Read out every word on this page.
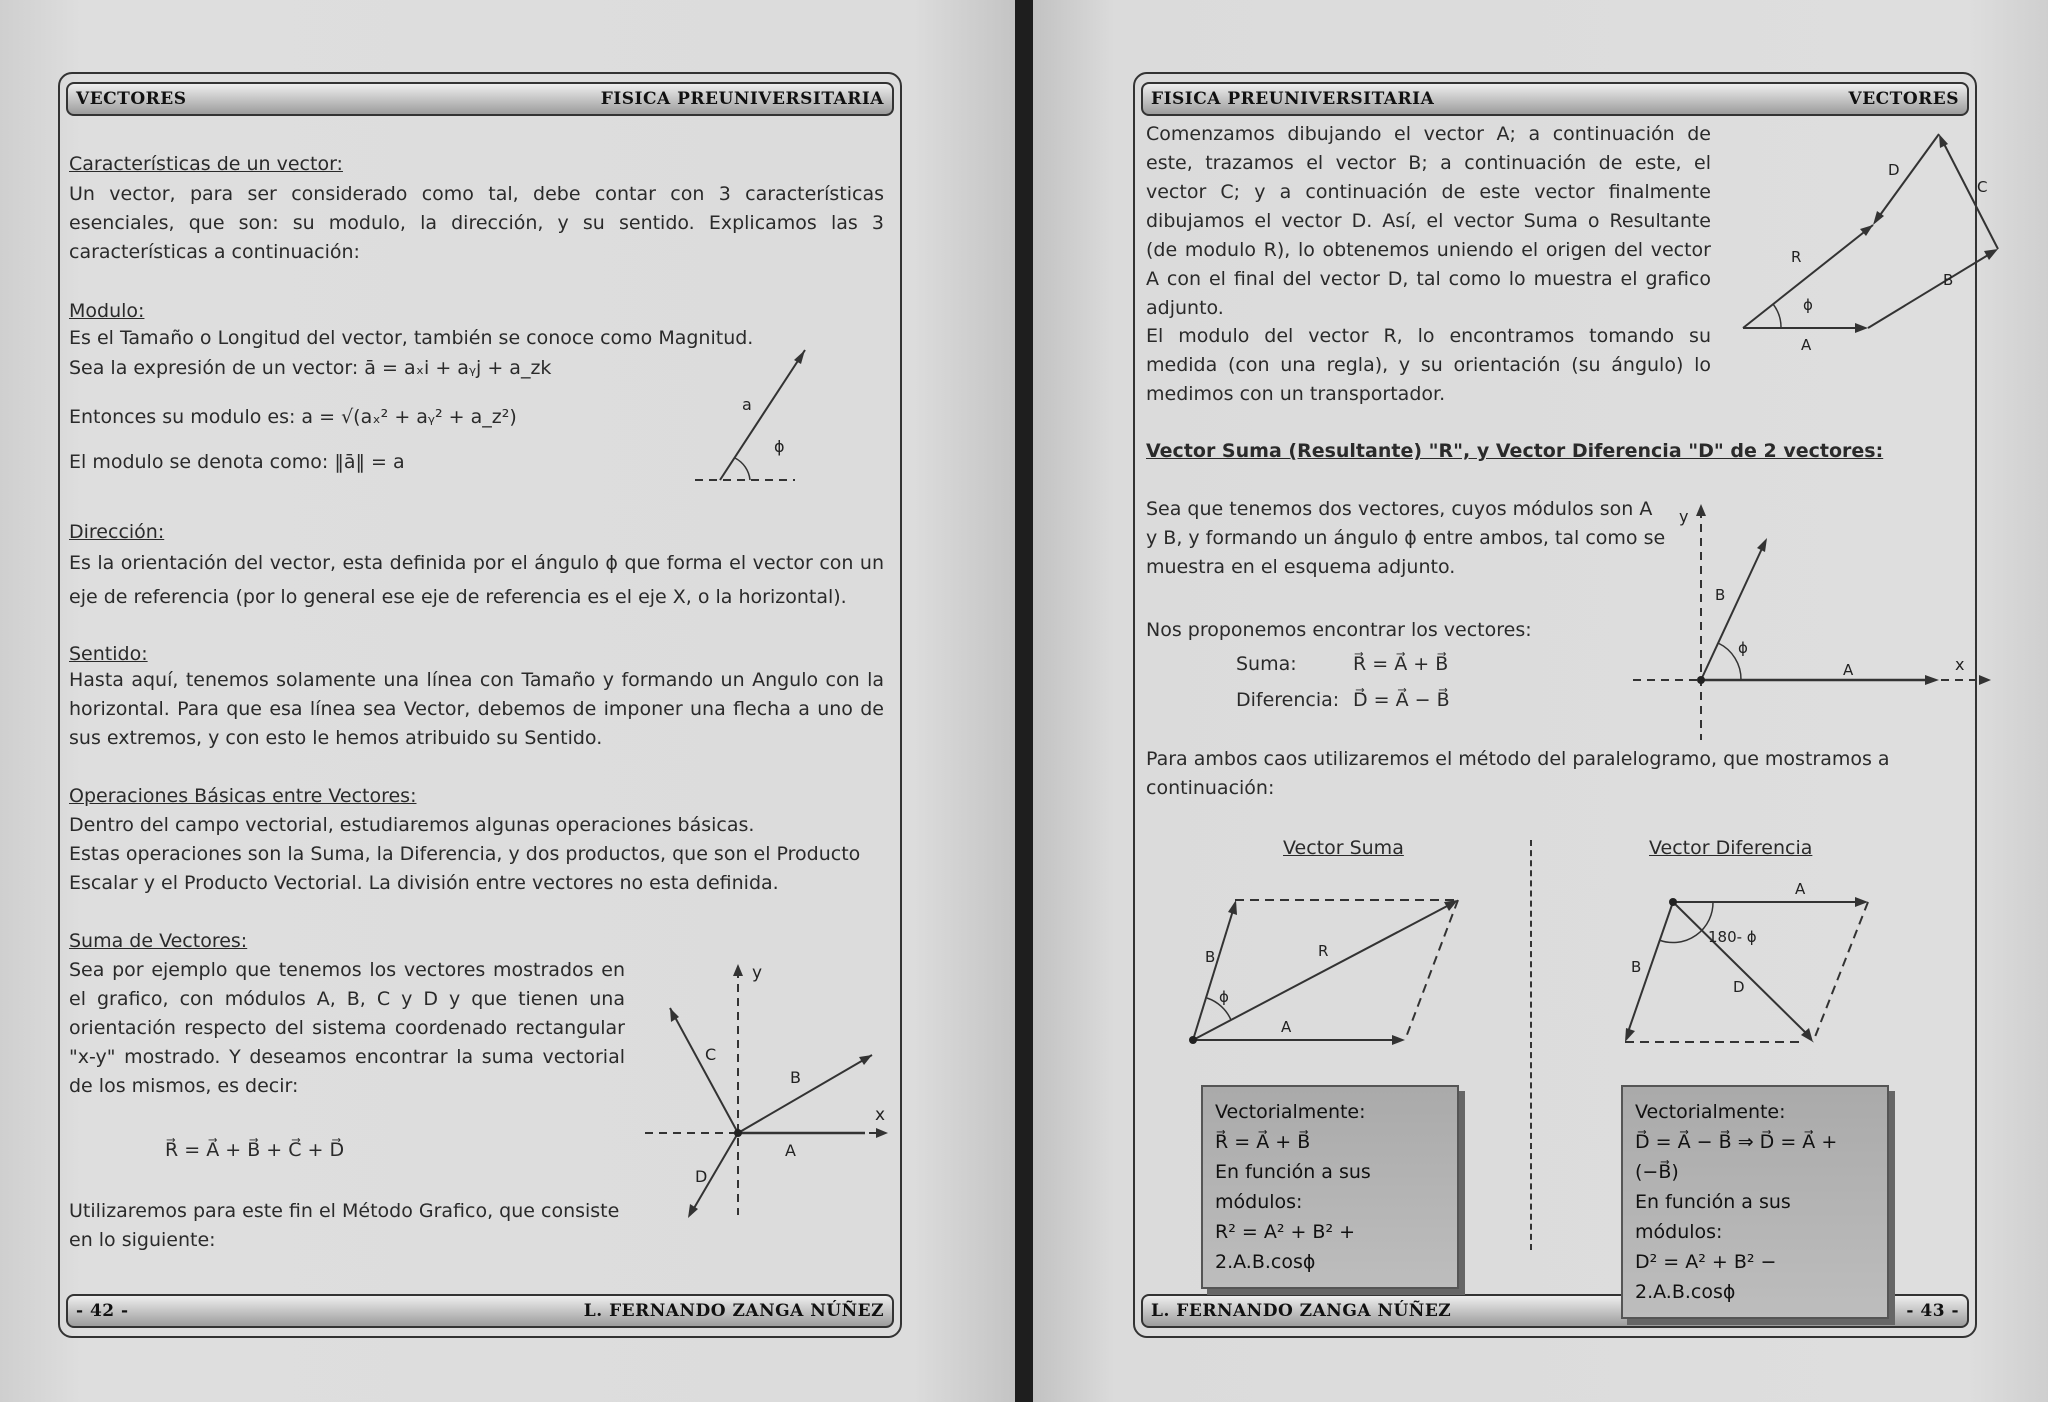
VECTORES	FISICA PREUNIVERSITARIA
- 42 -	L. FERNANDO ZANGA NÚÑEZ
Características de un vector:
Un vector, para ser considerado como tal, debe contar con 3 características esenciales, que son: su modulo, la dirección, y su sentido. Explicamos las 3 características a continuación:
Modulo:
Es el Tamaño o Longitud del vector, también se conoce como Magnitud.
Sea la expresión de un vector: ā = aₓi + aᵧj + a_zk
Entonces su modulo es: a = √(aₓ² + aᵧ² + a_z²)
El modulo se denota como: ‖ā‖ = a
a
ϕ
Dirección:
Es la orientación del vector, esta definida por el ángulo ϕ que forma el vector con un eje de referencia (por lo general ese eje de referencia es el eje X, o la horizontal).
Sentido:
Hasta aquí, tenemos solamente una línea con Tamaño y formando un Angulo con la horizontal. Para que esa línea sea Vector, debemos de imponer una flecha a uno de sus extremos, y con esto le hemos atribuido su Sentido.
Operaciones Básicas entre Vectores:
Dentro del campo vectorial, estudiaremos algunas operaciones básicas.
Estas operaciones son la Suma, la Diferencia, y dos productos, que son el Producto Escalar y el Producto Vectorial. La división entre vectores no esta definida.
Suma de Vectores:
Sea por ejemplo que tenemos los vectores mostrados en el grafico, con módulos A, B, C y D y que tienen una orientación respecto del sistema coordenado rectangular "x-y" mostrado. Y deseamos encontrar la suma vectorial de los mismos, es decir:
R⃗ = A⃗ + B⃗ + C⃗ + D⃗
Utilizaremos para este fin el Método Grafico, que consiste en lo siguiente:
y
x
B
C
D
A
FISICA PREUNIVERSITARIA	VECTORES
L. FERNANDO ZANGA NÚÑEZ	- 43 -
Comenzamos dibujando el vector A; a continuación de este, trazamos el vector B; a continuación de este, el vector C; y a continuación de este vector finalmente dibujamos el vector D. Así, el vector Suma o Resultante (de modulo R), lo obtenemos uniendo el origen del vector A con el final del vector D, tal como lo muestra el grafico adjunto.
El modulo del vector R, lo encontramos tomando su medida (con una regla), y su orientación (su ángulo) lo medimos con un transportador.
A
B
C
D
R
ϕ
Vector Suma (Resultante) "R", y Vector Diferencia "D" de 2 vectores:
Sea que tenemos dos vectores, cuyos módulos son A y B, y formando un ángulo ϕ entre ambos, tal como se muestra en el esquema adjunto.
Nos proponemos encontrar los vectores:
Suma:	R⃗ = A⃗ + B⃗
Diferencia: D⃗ = A⃗ − B⃗
y
x
B
A
ϕ
Para ambos caos utilizaremos el método del paralelogramo, que mostramos a continuación:
Vector Suma	Vector Diferencia
B	R
A
ϕ
A
B
D
180- ϕ
Vectorialmente:
R⃗ = A⃗ + B⃗
En función a sus módulos:
R² = A² + B² + 2.A.B.cosϕ
Vectorialmente:
D⃗ = A⃗ − B⃗ ⇒ D⃗ = A⃗ + (−B⃗)
En función a sus módulos:
D² = A² + B² − 2.A.B.cosϕ
